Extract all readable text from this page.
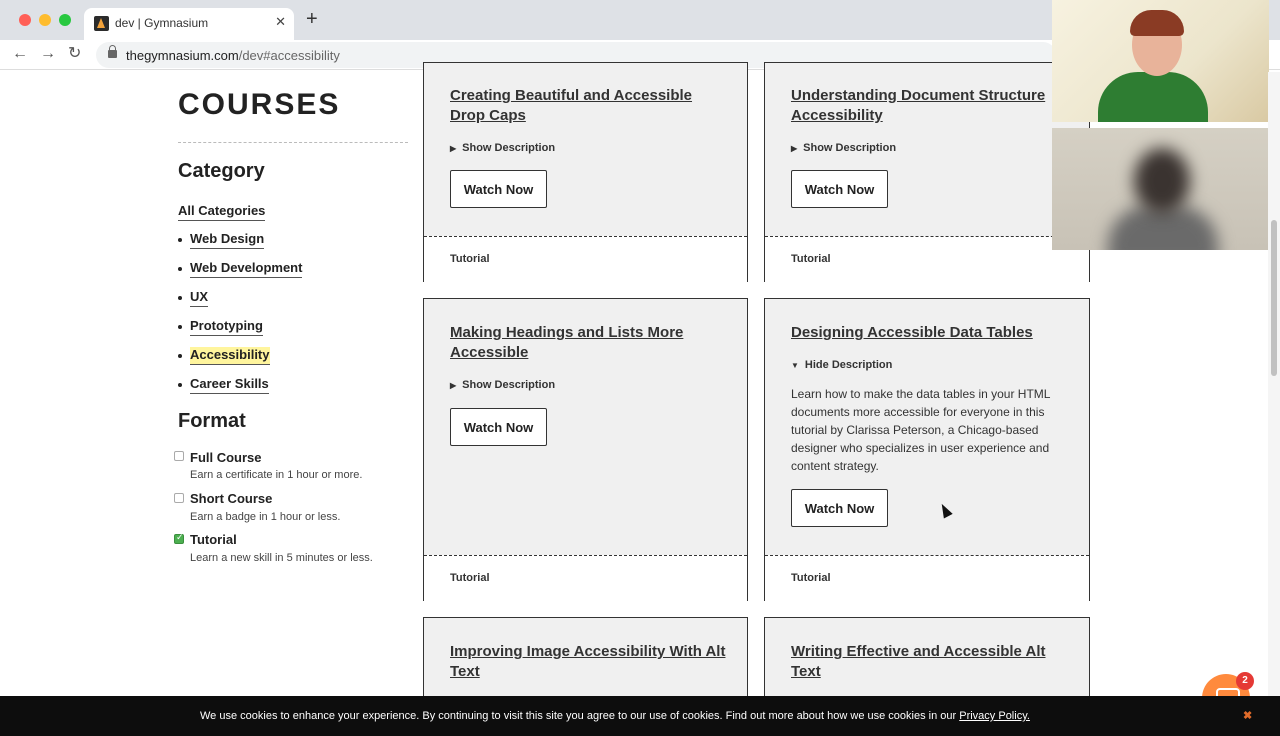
dev | Gymnasium	✕ +
← → ↻	thegymnasium.com/dev#accessibility
COURSES
Category
All Categories
Web Design
Web Development
UX
Prototyping
Accessibility
Career Skills
Format
Full Course
Earn a certificate in 1 hour or more.
Short Course
Earn a badge in 1 hour or less.
✓
Tutorial
Learn a new skill in 5 minutes or less.
Creating Beautiful and Accessible Drop Caps
▶ Show Description
Watch Now
Tutorial
Understanding Document Structure Accessibility
▶ Show Description
Watch Now
Tutorial
Making Headings and Lists More Accessible
▶ Show Description
Watch Now
Tutorial
Designing Accessible Data Tables
▼ Hide Description
Learn how to make the data tables in your HTML documents more accessible for everyone in this tutorial by Clarissa Peterson, a Chicago-based designer who specializes in user experience and content strategy.
Watch Now
Tutorial
Improving Image Accessibility With Alt Text
Writing Effective and Accessible Alt Text
2
We use cookies to enhance your experience. By continuing to visit this site you agree to our use of cookies. Find out more about how we use cookies in our Privacy Policy.	✖
